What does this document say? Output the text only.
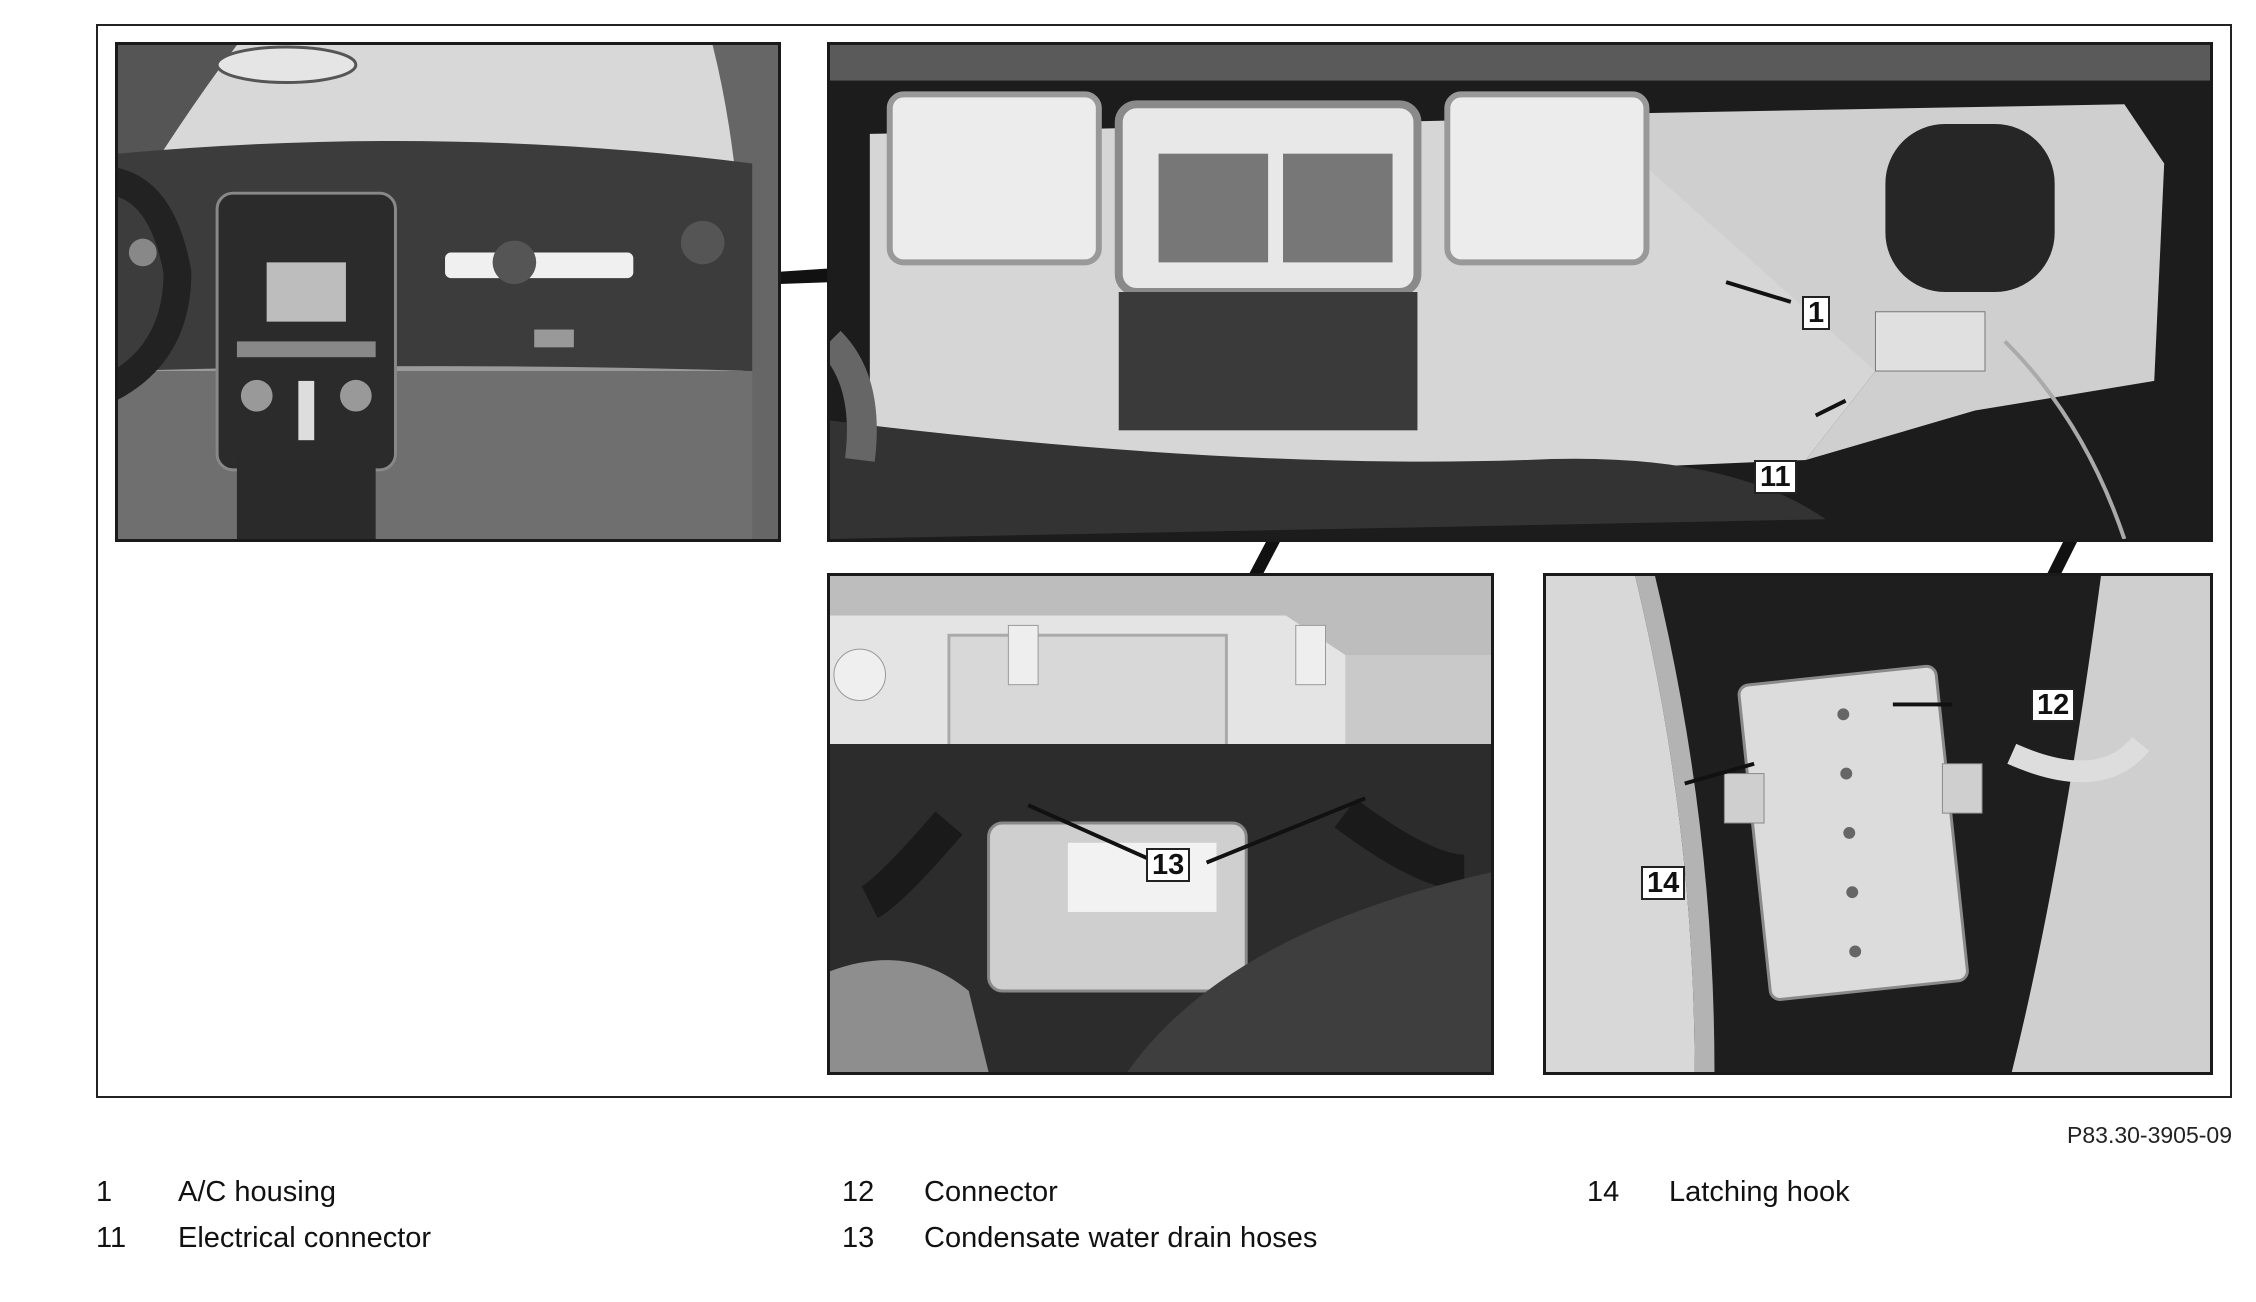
1
11
12
13
14
P83.30-3905-09
1 A/C housing
11 Electrical connector
12 Connector
13 Condensate water drain hoses
14 Latching hook
